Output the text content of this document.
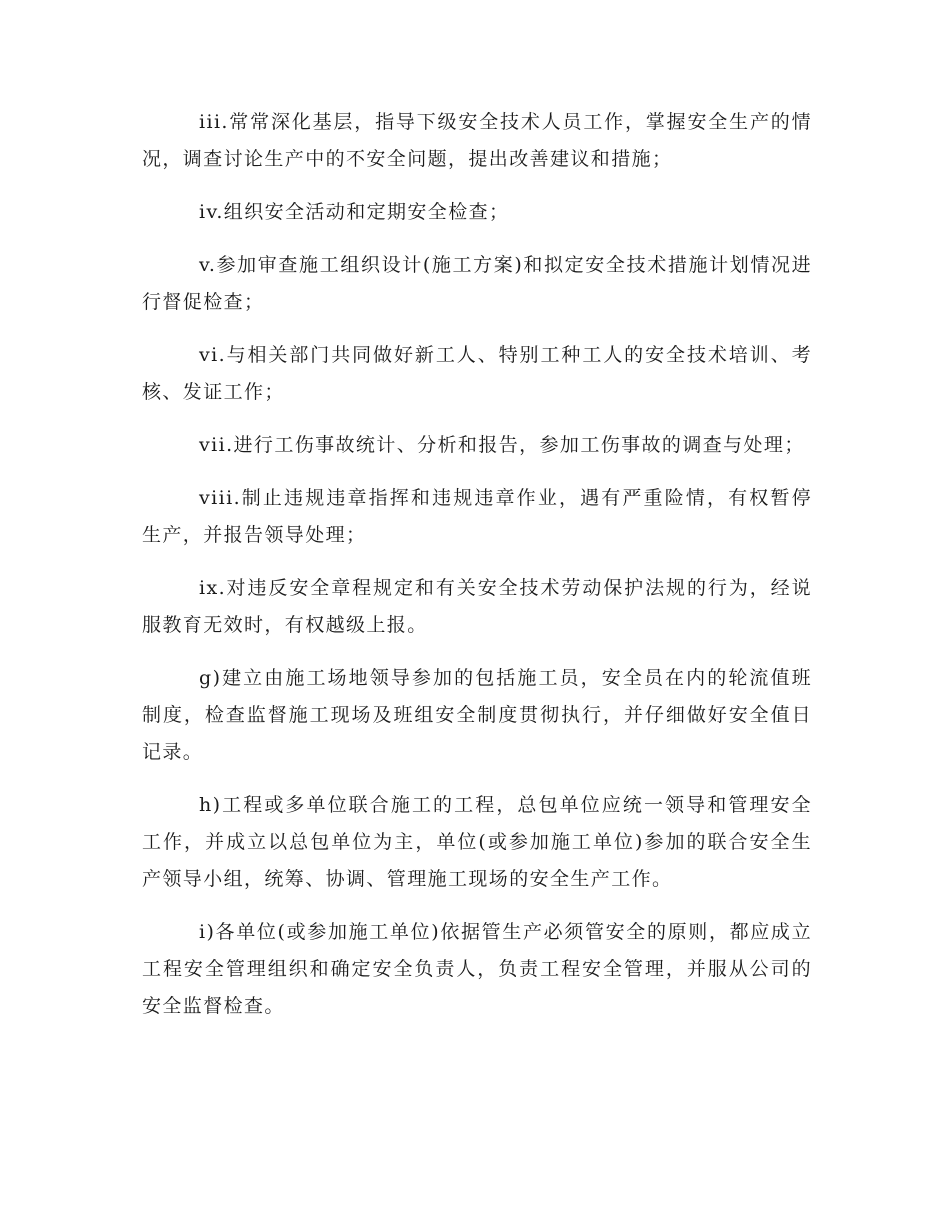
iii.常常深化基层，指导下级安全技术人员工作，掌握安全生产的情况，调查讨论生产中的不安全问题，提出改善建议和措施；

iv.组织安全活动和定期安全检查；

v.参加审查施工组织设计(施工方案)和拟定安全技术措施计划情况进行督促检查；

vi.与相关部门共同做好新工人、特别工种工人的安全技术培训、考核、发证工作；

vii.进行工伤事故统计、分析和报告，参加工伤事故的调查与处理；

viii.制止违规违章指挥和违规违章作业，遇有严重险情，有权暂停生产，并报告领导处理；

ix.对违反安全章程规定和有关安全技术劳动保护法规的行为，经说服教育无效时，有权越级上报。

g)建立由施工场地领导参加的包括施工员，安全员在内的轮流值班制度，检查监督施工现场及班组安全制度贯彻执行，并仔细做好安全值日记录。

h)工程或多单位联合施工的工程，总包单位应统一领导和管理安全工作，并成立以总包单位为主，单位(或参加施工单位)参加的联合安全生产领导小组，统筹、协调、管理施工现场的安全生产工作。

i)各单位(或参加施工单位)依据管生产必须管安全的原则，都应成立工程安全管理组织和确定安全负责人，负责工程安全管理，并服从公司的安全监督检查。
